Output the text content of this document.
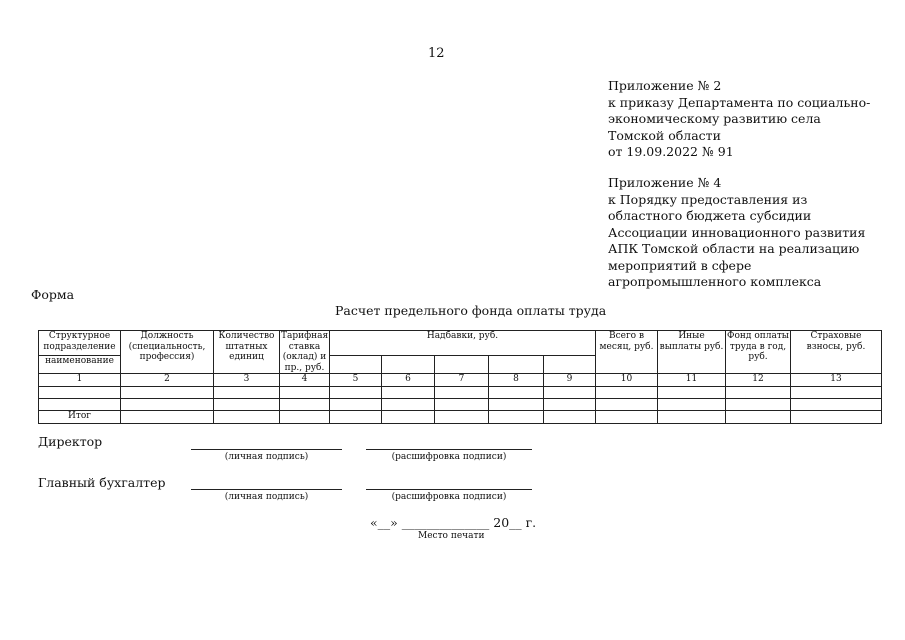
12
Приложение № 2
к приказу Департамента по социально-
экономическому развитию села
Томской области
от 19.09.2022 № 91
Приложение № 4
к Порядку предоставления из
областного бюджета субсидии
Ассоциации инновационного развития
АПК Томской области на реализацию
мероприятий в сфере
агропромышленного комплекса
Форма
Расчет предельного фонда оплаты труда
Структурное подразделение	Должность (специальность, профессия)	Количество штатных единиц	Тарифная ставка (оклад) и пр., руб.	Надбавки, руб.					Всего в месяц, руб.	Иные выплаты руб.	Фонд оплаты труда в год, руб.	Страховые взносы, руб.
наименование												
1	2	3	4	5	6	7	8	9	10	11	12	13

Итог												
Директор
(личная подпись)	(расшифровка подписи)
Главный бухгалтер
(личная подпись)	(расшифровка подписи)
«__» ______________ 20__ г.
Место печати
